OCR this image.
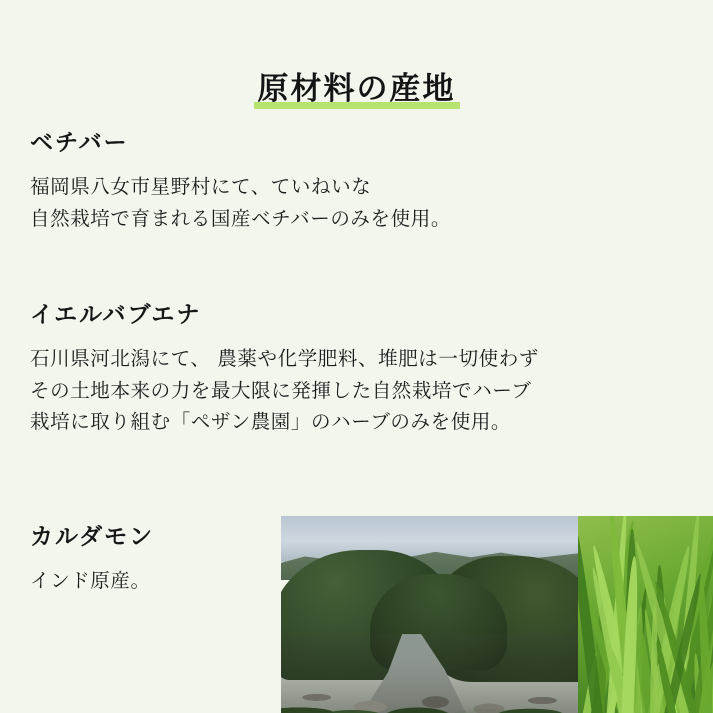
原材料の産地
ベチバー

福岡県八女市星野村にて、ていねいな
自然栽培で育まれる国産ベチバーのみを使用。

イエルバブエナ

石川県河北潟にて、 農薬や化学肥料、堆肥は一切使わず
その土地本来の力を最大限に発揮した自然栽培でハーブ
栽培に取り組む「ペザン農園」のハーブのみを使用。

カルダモン

インド原産。
